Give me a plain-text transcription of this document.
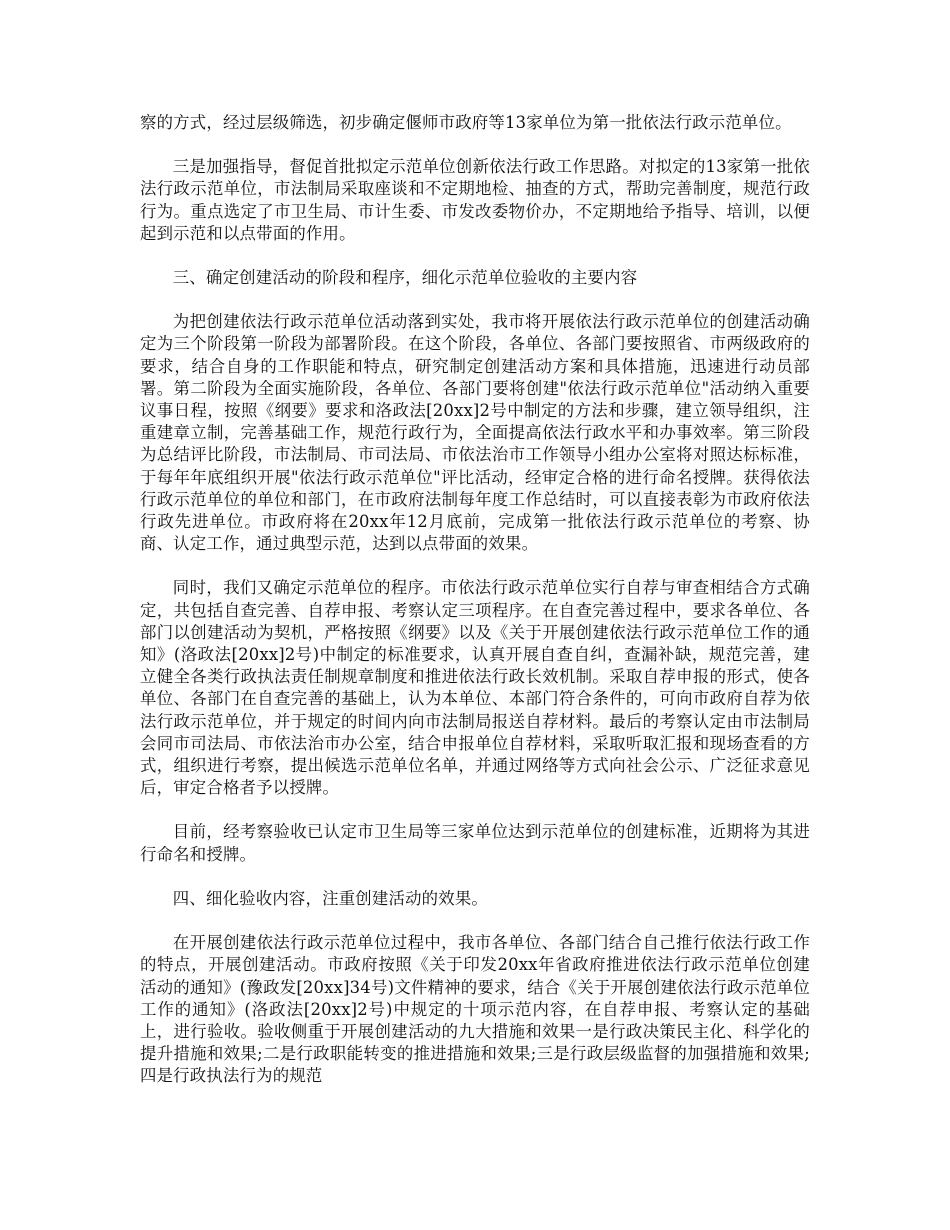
察的方式，经过层级筛选，初步确定偃师市政府等13家单位为第一批依法行政示范单位。

三是加强指导，督促首批拟定示范单位创新依法行政工作思路。对拟定的13家第一批依法行政示范单位，市法制局采取座谈和不定期地检、抽查的方式，帮助完善制度，规范行政行为。重点选定了市卫生局、市计生委、市发改委物价办，不定期地给予指导、培训，以便起到示范和以点带面的作用。

三、确定创建活动的阶段和程序，细化示范单位验收的主要内容

为把创建依法行政示范单位活动落到实处，我市将开展依法行政示范单位的创建活动确定为三个阶段第一阶段为部署阶段。在这个阶段，各单位、各部门要按照省、市两级政府的要求，结合自身的工作职能和特点，研究制定创建活动方案和具体措施，迅速进行动员部署。第二阶段为全面实施阶段，各单位、各部门要将创建"依法行政示范单位"活动纳入重要议事日程，按照《纲要》要求和洛政法[20xx]2号中制定的方法和步骤，建立领导组织，注重建章立制，完善基础工作，规范行政行为，全面提高依法行政水平和办事效率。第三阶段为总结评比阶段，市法制局、市司法局、市依法治市工作领导小组办公室将对照达标标准，于每年年底组织开展"依法行政示范单位"评比活动，经审定合格的进行命名授牌。获得依法行政示范单位的单位和部门，在市政府法制每年度工作总结时，可以直接表彰为市政府依法行政先进单位。市政府将在20xx年12月底前，完成第一批依法行政示范单位的考察、协商、认定工作，通过典型示范，达到以点带面的效果。

同时，我们又确定示范单位的程序。市依法行政示范单位实行自荐与审查相结合方式确定，共包括自查完善、自荐申报、考察认定三项程序。在自查完善过程中，要求各单位、各部门以创建活动为契机，严格按照《纲要》以及《关于开展创建依法行政示范单位工作的通知》(洛政法[20xx]2号)中制定的标准要求，认真开展自查自纠，查漏补缺，规范完善，建立健全各类行政执法责任制规章制度和推进依法行政长效机制。采取自荐申报的形式，使各单位、各部门在自查完善的基础上，认为本单位、本部门符合条件的，可向市政府自荐为依法行政示范单位，并于规定的时间内向市法制局报送自荐材料。最后的考察认定由市法制局会同市司法局、市依法治市办公室，结合申报单位自荐材料，采取听取汇报和现场查看的方式，组织进行考察，提出候选示范单位名单，并通过网络等方式向社会公示、广泛征求意见后，审定合格者予以授牌。

目前，经考察验收已认定市卫生局等三家单位达到示范单位的创建标准，近期将为其进行命名和授牌。

四、细化验收内容，注重创建活动的效果。

在开展创建依法行政示范单位过程中，我市各单位、各部门结合自己推行依法行政工作的特点，开展创建活动。市政府按照《关于印发20xx年省政府推进依法行政示范单位创建活动的通知》(豫政发[20xx]34号)文件精神的要求，结合《关于开展创建依法行政示范单位工作的通知》(洛政法[20xx]2号)中规定的十项示范内容，在自荐申报、考察认定的基础上，进行验收。验收侧重于开展创建活动的九大措施和效果一是行政决策民主化、科学化的提升措施和效果;二是行政职能转变的推进措施和效果;三是行政层级监督的加强措施和效果;四是行政执法行为的规范
